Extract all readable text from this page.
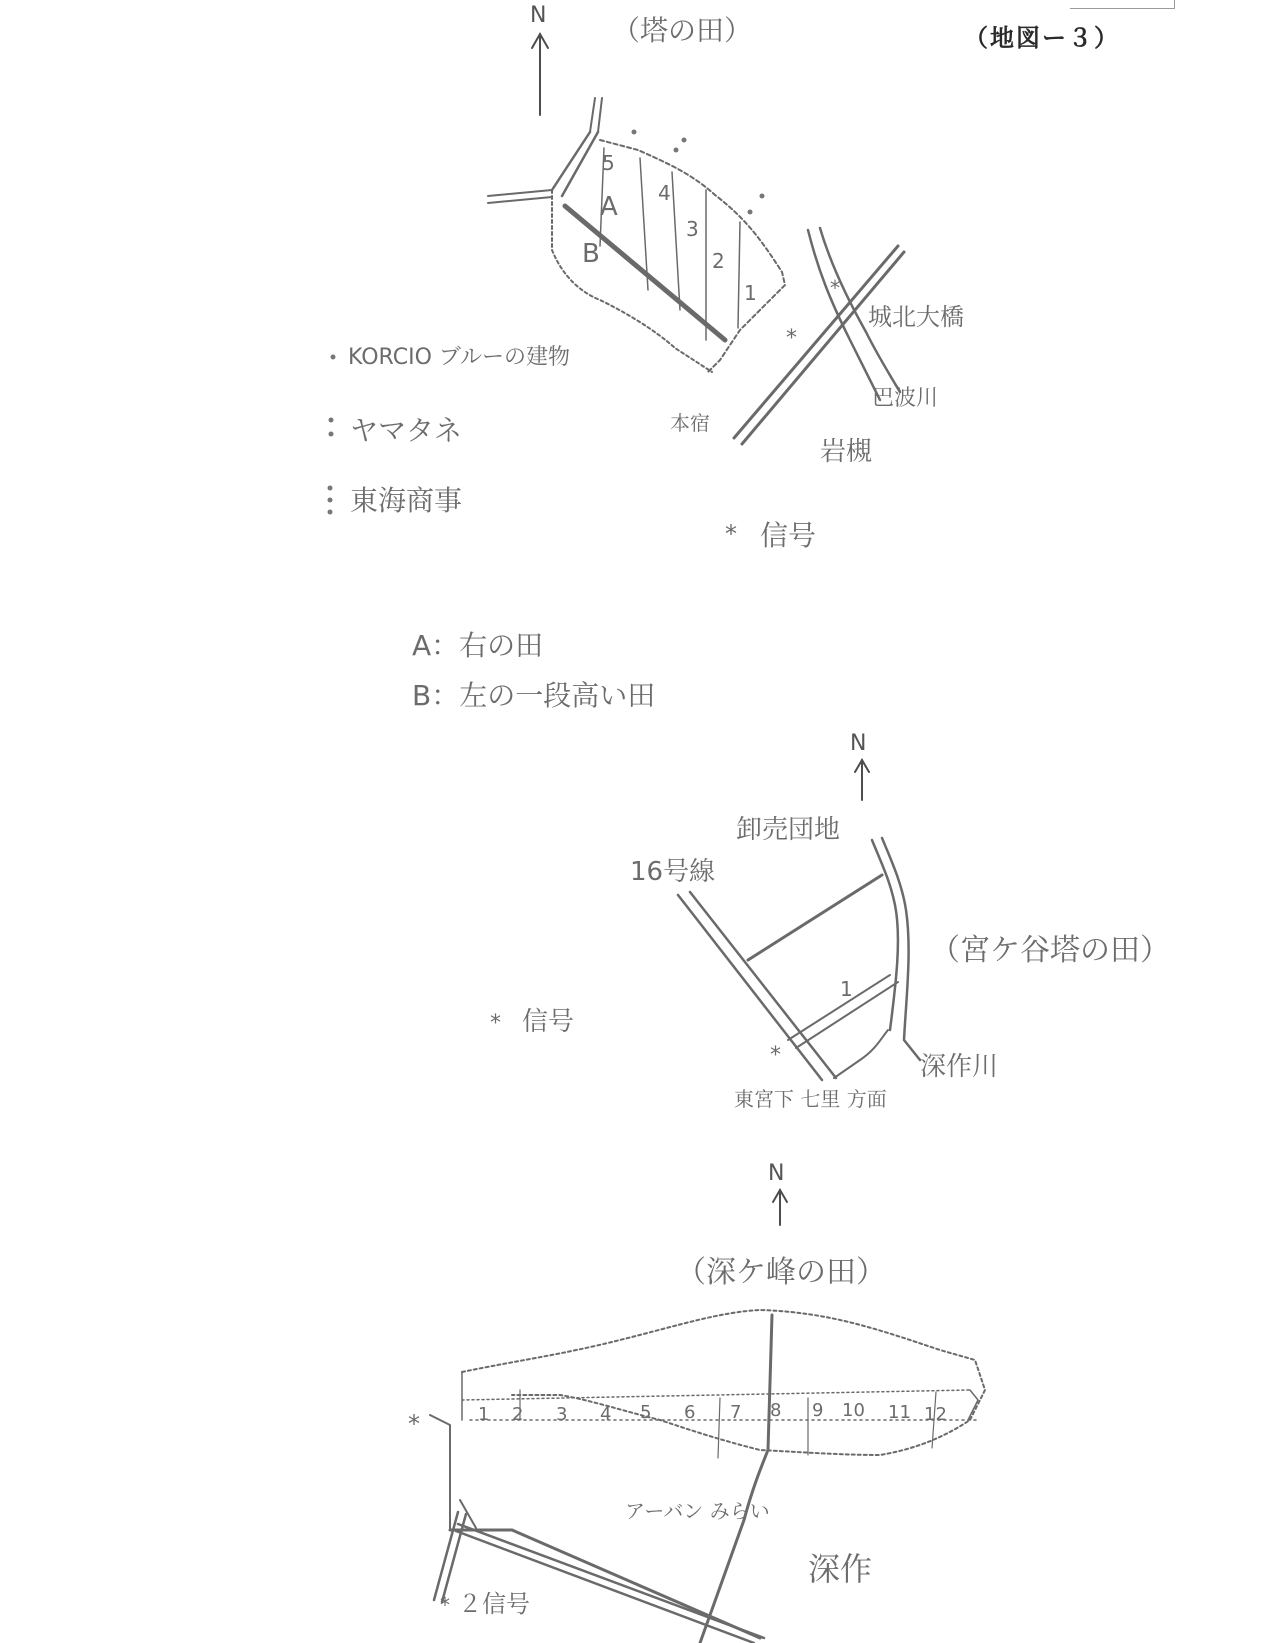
（地図ー３）
N （塔の田）
A
B
5
4
3
2
1
*
*
城北大橋
巴波川
本宿
岩槻
* 信号
KORCIO ブルーの建物
ヤマタネ
東海商事
A：右の田
B：左の一段高い田
N
卸売団地
16号線
（宮ケ谷塔の田）
1
*	深作川
東宮下 七里 方面
* 信号
N
（深ケ峰の田）
1 2 3 4 5 6 7 8 9 10 11 12
*
アーバン みらい
深作
* ２信号
